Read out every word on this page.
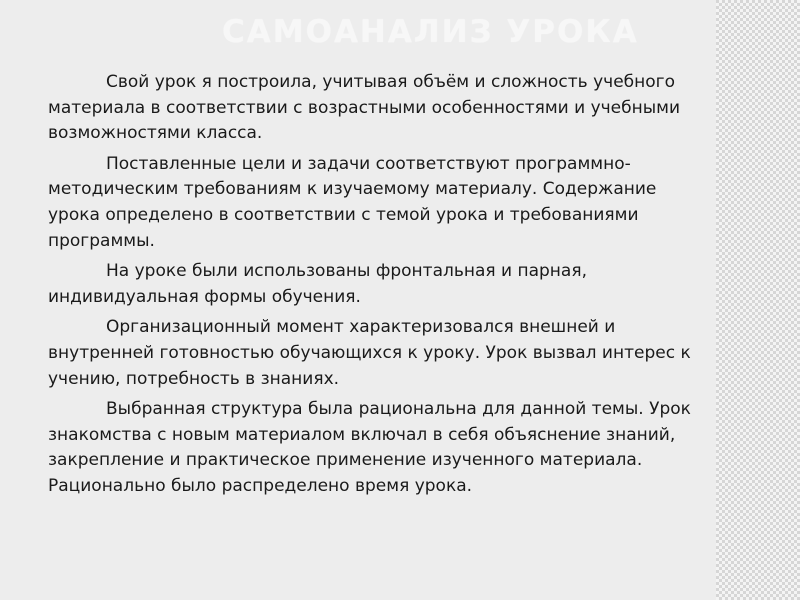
САМОАНАЛИЗ УРОКА

Свой урок я построила, учитывая объём и сложность учебного материала в соответствии с возрастными особенностями и учебными возможностями класса.

Поставленные цели и задачи соответствуют программно-методическим требованиям к изучаемому материалу. Содержание урока определено в соответствии с темой урока и требованиями программы.

На уроке были использованы фронтальная и парная, индивидуальная формы обучения.

Организационный момент характеризовался внешней и внутренней готовностью обучающихся к уроку. Урок вызвал интерес к учению, потребность в знаниях.

Выбранная структура была рациональна для данной темы. Урок знакомства с новым материалом включал в себя объяснение знаний, закрепление и практическое применение изученного материала. Рационально было распределено время урока.
